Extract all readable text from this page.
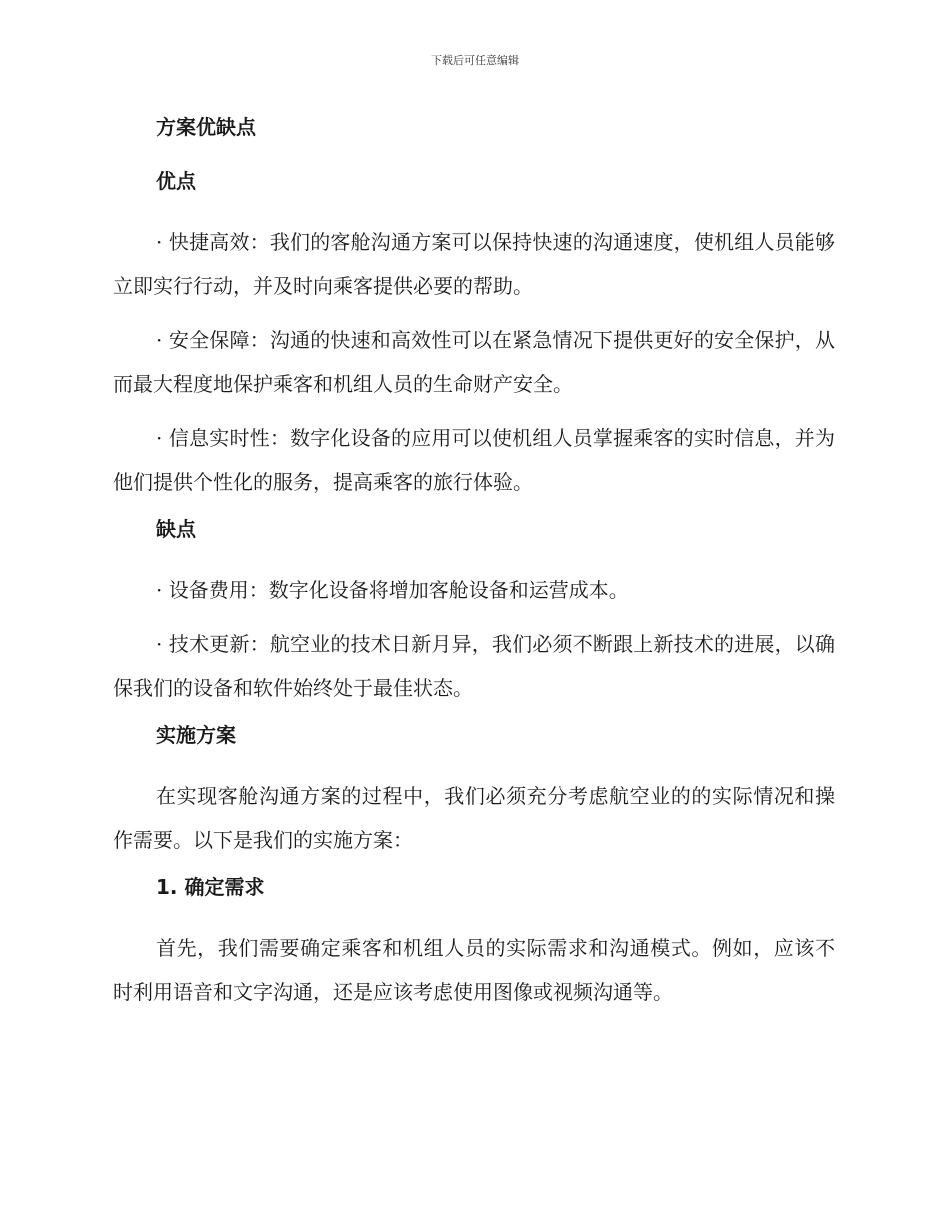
下载后可任意编辑
方案优缺点
优点

· 快捷高效：我们的客舱沟通方案可以保持快速的沟通速度，使机组人员能够立即实行行动，并及时向乘客提供必要的帮助。

· 安全保障：沟通的快速和高效性可以在紧急情况下提供更好的安全保护，从而最大程度地保护乘客和机组人员的生命财产安全。

· 信息实时性：数字化设备的应用可以使机组人员掌握乘客的实时信息，并为他们提供个性化的服务，提高乘客的旅行体验。

缺点

· 设备费用：数字化设备将增加客舱设备和运营成本。

· 技术更新：航空业的技术日新月异，我们必须不断跟上新技术的进展，以确保我们的设备和软件始终处于最佳状态。

实施方案

在实现客舱沟通方案的过程中，我们必须充分考虑航空业的的实际情况和操作需要。以下是我们的实施方案：

1. 确定需求

首先，我们需要确定乘客和机组人员的实际需求和沟通模式。例如，应该不时利用语音和文字沟通，还是应该考虑使用图像或视频沟通等。
